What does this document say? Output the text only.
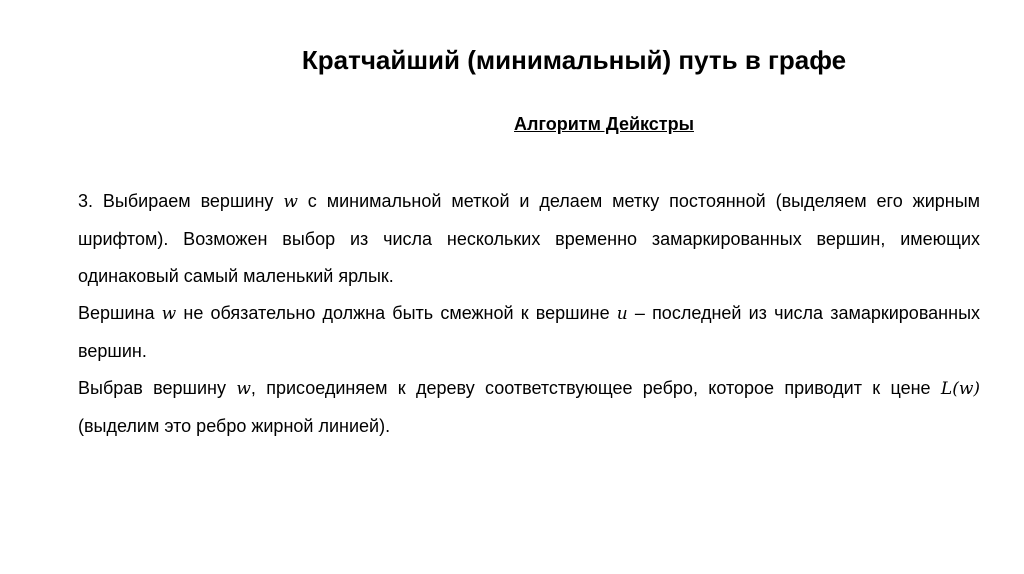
Кратчайший (минимальный) путь в графе
Алгоритм Дейкстры

3. Выбираем вершину w с минимальной меткой и делаем метку постоянной (выделяем его жирным шрифтом). Возможен выбор из числа нескольких временно замаркированных вершин, имеющих одинаковый самый маленький ярлык.

Вершина w не обязательно должна быть смежной к вершине u – последней из числа замаркированных вершин.

Выбрав вершину w, присоединяем к дереву соответствующее ребро, которое приводит к цене L(w) (выделим это ребро жирной линией).
